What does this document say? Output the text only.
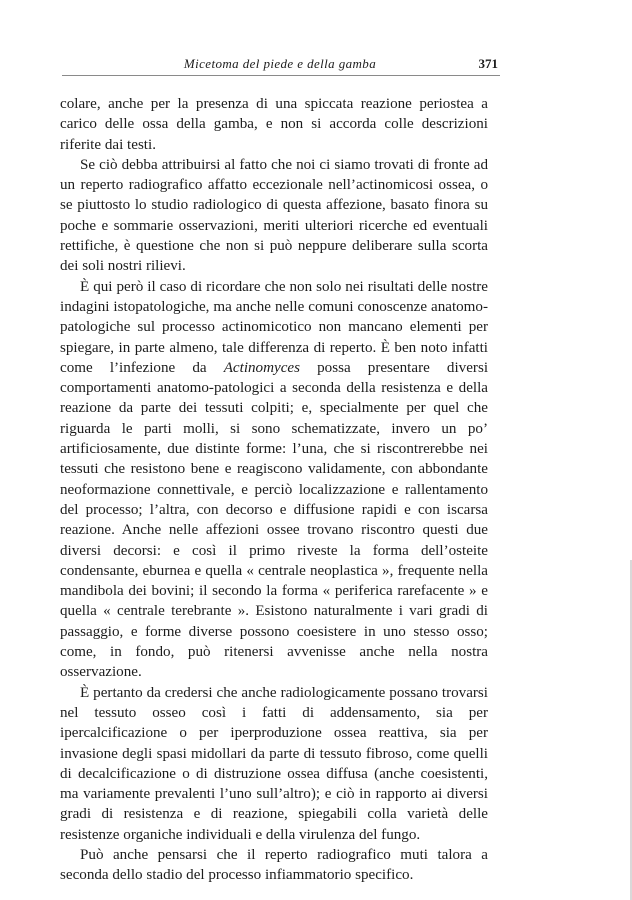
Micetoma del piede e della gamba	371

colare, anche per la presenza di una spiccata reazione periostea a carico delle ossa della gamba, e non si accorda colle descrizioni riferite dai testi.

Se ciò debba attribuirsi al fatto che noi ci siamo trovati di fronte ad un reperto radiografico affatto eccezionale nell’actinomicosi ossea, o se piuttosto lo studio radiologico di questa affezione, basato finora su poche e sommarie osservazioni, meriti ulteriori ricerche ed eventuali rettifiche, è questione che non si può neppure deliberare sulla scorta dei soli nostri rilievi.

È qui però il caso di ricordare che non solo nei risultati delle nostre indagini istopatologiche, ma anche nelle comuni conoscenze anatomo-patologiche sul processo actinomicotico non mancano elementi per spiegare, in parte almeno, tale differenza di reperto. È ben noto infatti come l’infezione da Actinomyces possa presentare diversi comportamenti anatomo-patologici a seconda della resistenza e della reazione da parte dei tessuti colpiti; e, specialmente per quel che riguarda le parti molli, si sono schematizzate, invero un po’ artificiosamente, due distinte forme: l’una, che si riscontrerebbe nei tessuti che resistono bene e reagiscono validamente, con abbondante neoformazione connettivale, e perciò localizzazione e rallentamento del processo; l’altra, con decorso e diffusione rapidi e con iscarsa reazione. Anche nelle affezioni ossee trovano riscontro questi due diversi decorsi: e così il primo riveste la forma dell’osteite condensante, eburnea e quella « centrale neoplastica », frequente nella mandibola dei bovini; il secondo la forma « periferica rarefacente » e quella « centrale terebrante ». Esistono naturalmente i vari gradi di passaggio, e forme diverse possono coesistere in uno stesso osso; come, in fondo, può ritenersi avvenisse anche nella nostra osservazione.

È pertanto da credersi che anche radiologicamente possano trovarsi nel tessuto osseo così i fatti di addensamento, sia per ipercalcificazione o per iperproduzione ossea reattiva, sia per invasione degli spasi midollari da parte di tessuto fibroso, come quelli di decalcificazione o di distruzione ossea diffusa (anche coesistenti, ma variamente prevalenti l’uno sull’altro); e ciò in rapporto ai diversi gradi di resistenza e di reazione, spiegabili colla varietà delle resistenze organiche individuali e della virulenza del fungo.

Può anche pensarsi che il reperto radiografico muti talora a seconda dello stadio del processo infiammatorio specifico.
